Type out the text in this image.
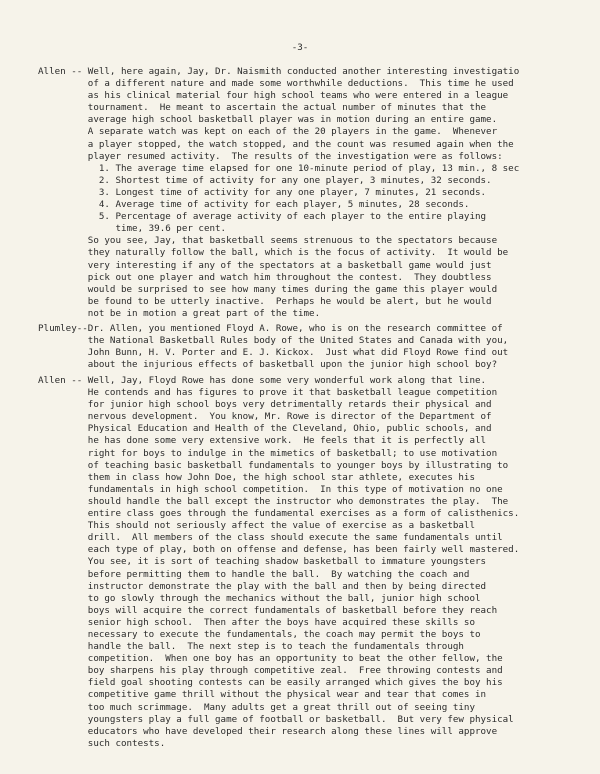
-3-
Allen -- Well, here again, Jay, Dr. Naismith conducted another interesting investigatio
of a different nature and made some worthwhile deductions.  This time he used
as his clinical material four high school teams who were entered in a league
tournament.  He meant to ascertain the actual number of minutes that the
average high school basketball player was in motion during an entire game.
A separate watch was kept on each of the 20 players in the game.  Whenever
a player stopped, the watch stopped, and the count was resumed again when the
player resumed activity.  The results of the investigation were as follows:
1. The average time elapsed for one 10-minute period of play, 13 min., 8 sec
2. Shortest time of activity for any one player, 3 minutes, 32 seconds.
3. Longest time of activity for any one player, 7 minutes, 21 seconds.
4. Average time of activity for each player, 5 minutes, 28 seconds.
5. Percentage of average activity of each player to the entire playing
time, 39.6 per cent.
So you see, Jay, that basketball seems strenuous to the spectators because
they naturally follow the ball, which is the focus of activity.  It would be
very interesting if any of the spectators at a basketball game would just
pick out one player and watch him throughout the contest.  They doubtless
would be surprised to see how many times during the game this player would
be found to be utterly inactive.  Perhaps he would be alert, but he would
not be in motion a great part of the time.
Plumley--Dr. Allen, you mentioned Floyd A. Rowe, who is on the research committee of
the National Basketball Rules body of the United States and Canada with you,
John Bunn, H. V. Porter and E. J. Kickox.  Just what did Floyd Rowe find out
about the injurious effects of basketball upon the junior high school boy?
Allen -- Well, Jay, Floyd Rowe has done some very wonderful work along that line.
He contends and has figures to prove it that basketball league competition
for junior high school boys very detrimentally retards their physical and
nervous development.  You know, Mr. Rowe is director of the Department of
Physical Education and Health of the Cleveland, Ohio, public schools, and
he has done some very extensive work.  He feels that it is perfectly all
right for boys to indulge in the mimetics of basketball; to use motivation
of teaching basic basketball fundamentals to younger boys by illustrating to
them in class how John Doe, the high school star athlete, executes his
fundamentals in high school competition.  In this type of motivation no one
should handle the ball except the instructor who demonstrates the play.  The
entire class goes through the fundamental exercises as a form of calisthenics.
This should not seriously affect the value of exercise as a basketball
drill.  All members of the class should execute the same fundamentals until
each type of play, both on offense and defense, has been fairly well mastered.
You see, it is sort of teaching shadow basketball to immature youngsters
before permitting them to handle the ball.  By watching the coach and
instructor demonstrate the play with the ball and then by being directed
to go slowly through the mechanics without the ball, junior high school
boys will acquire the correct fundamentals of basketball before they reach
senior high school.  Then after the boys have acquired these skills so
necessary to execute the fundamentals, the coach may permit the boys to
handle the ball.  The next step is to teach the fundamentals through
competition.  When one boy has an opportunity to beat the other fellow, the
boy sharpens his play through competitive zeal.  Free throwing contests and
field goal shooting contests can be easily arranged which gives the boy his
competitive game thrill without the physical wear and tear that comes in
too much scrimmage.  Many adults get a great thrill out of seeing tiny
youngsters play a full game of football or basketball.  But very few physical
educators who have developed their research along these lines will approve
such contests.
